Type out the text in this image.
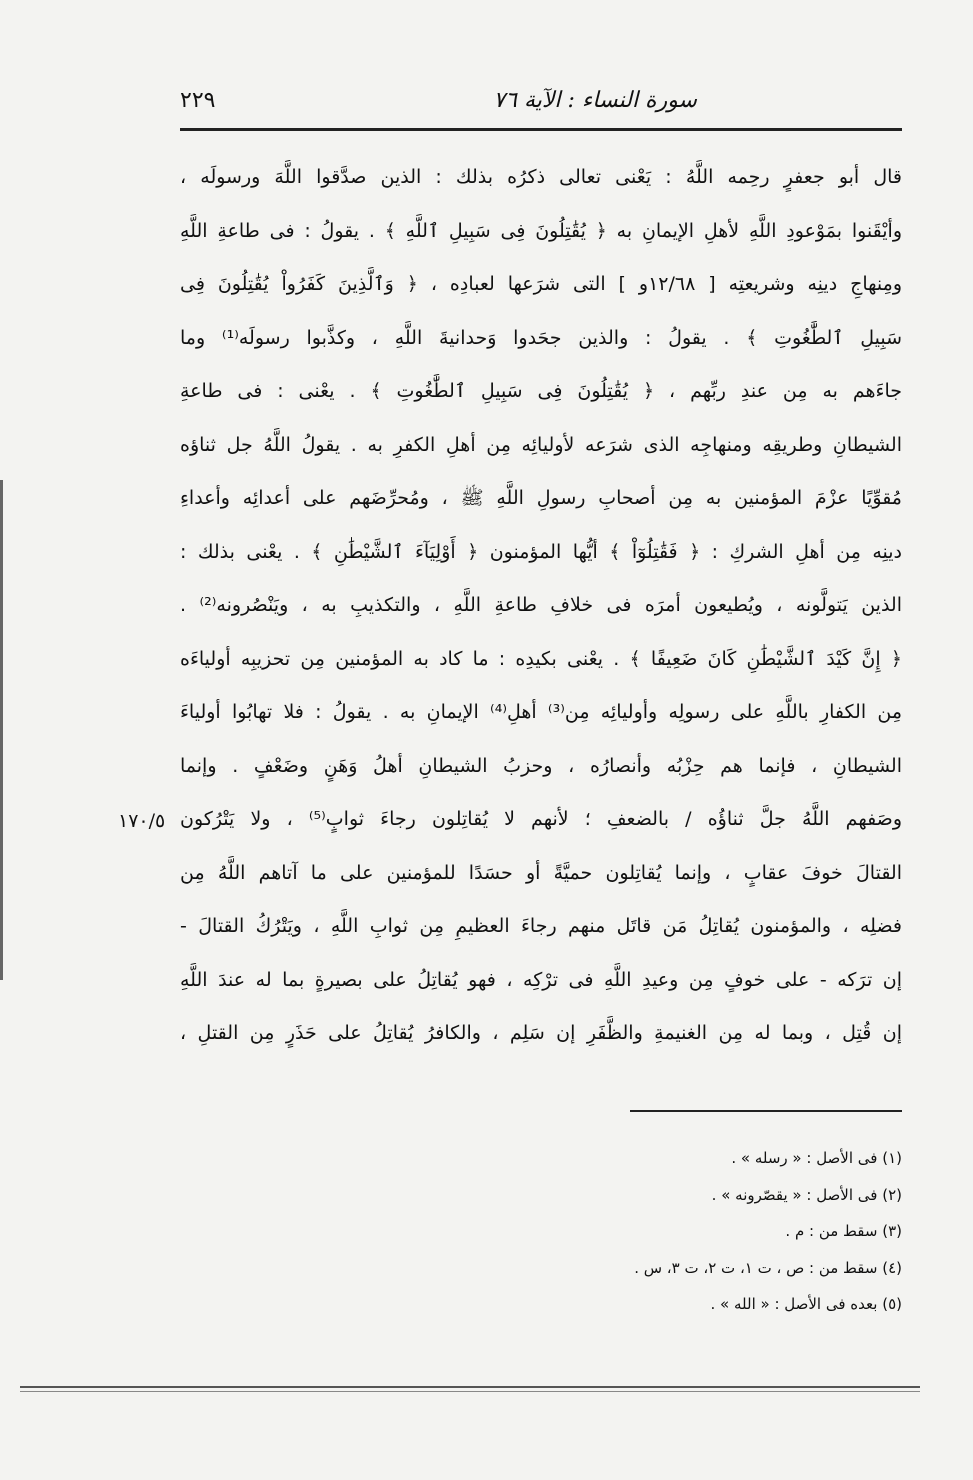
سورة النساء : الآية ٧٦
٢٢٩
قال أبو جعفرٍ رحِمه اللَّهُ : يَعْنى تعالى ذكرُه بذلك : الذين صدَّقوا اللَّهَ ورسولَه ،
وأيْقَنوا بمَوْعودِ اللَّهِ لأهلِ الإيمانِ به ﴿ يُقَٰتِلُونَ فِى سَبِيلِ ٱللَّهِ ﴾ . يقولُ : فى طاعةِ اللَّهِ
ومِنهاجِ دينِه وشريعتِه [ ١٢/٦٨و ] التى شرَعها لعبادِه ، ﴿ وَٱلَّذِينَ كَفَرُواْ يُقَٰتِلُونَ فِى
سَبِيلِ ٱلطَّٰغُوتِ ﴾ . يقولُ : والذين جحَدوا وَحدانيةَ اللَّهِ ، وكذَّبوا رسولَه⁽¹⁾ وما
جاءَهم به مِن عندِ ربِّهم ، ﴿ يُقَٰتِلُونَ فِى سَبِيلِ ٱلطَّٰغُوتِ ﴾ . يعْنى : فى طاعةِ
الشيطانِ وطريقِه ومنهاجِه الذى شرَعه لأوليائِه مِن أهلِ الكفرِ به . يقولُ اللَّهُ جل ثناؤه
مُقوِّيًا عزْمَ المؤمنين به مِن أصحابِ رسولِ اللَّهِ ﷺ ، ومُحرِّضَهم على أعدائِه وأعداءِ
دينِه مِن أهلِ الشركِ : ﴿ فَقَٰتِلُوٓاْ ﴾ أيُّها المؤمنون ﴿ أَوْلِيَآءَ ٱلشَّيْطَٰنِ ﴾ . يعْنى بذلك :
الذين يَتولَّونه ، ويُطيعون أمرَه فى خلافِ طاعةِ اللَّهِ ، والتكذيبِ به ، ويَنْصُرونه⁽²⁾ .
﴿ إِنَّ كَيْدَ ٱلشَّيْطَٰنِ كَانَ ضَعِيفًا ﴾ . يعْنى بكيدِه : ما كاد به المؤمنين مِن تحزيبِه أولياءَه
مِن الكفارِ باللَّهِ على رسولِه وأوليائِه مِن⁽³⁾ أهلِ⁽⁴⁾ الإيمانِ به . يقولُ : فلا تهابُوا أولياءَ
الشيطانِ ، فإنما هم حِزْبُه وأنصارُه ، وحزبُ الشيطانِ أهلُ وَهَنٍ وضَعْفٍ . وإنما
وصَفهم اللَّهُ جلَّ ثناؤُه / بالضعفِ ؛ لأنهم لا يُقاتِلون رجاءَ ثوابٍ⁽⁵⁾ ، ولا يَتْرُكون
القتالَ خوفَ عقابٍ ، وإنما يُقاتِلون حميَّةً أو حسَدًا للمؤمنين على ما آتاهم اللَّهُ مِن
فضلِه ، والمؤمنون يُقاتِلُ مَن قاتَل منهم رجاءَ العظيمِ مِن ثوابِ اللَّهِ ، ويَتْرُكُ القتالَ -
إن ترَكه - على خوفٍ مِن وعيدِ اللَّهِ فى ترْكِه ، فهو يُقاتِلُ على بصيرةٍ بما له عندَ اللَّهِ
إن قُتِل ، وبما له مِن الغنيمةِ والظَّفَرِ إن سَلِم ، والكافرُ يُقاتِلُ على حَذَرٍ مِن القتلِ ،
١٧٠/٥
(١) فى الأصل : « رسله » .
(٢) فى الأصل : « يقصّرونه » .
(٣) سقط من : م .
(٤) سقط من : ص ، ت ١، ت ٢، ت ٣، س .
(٥) بعده فى الأصل : « الله » .
